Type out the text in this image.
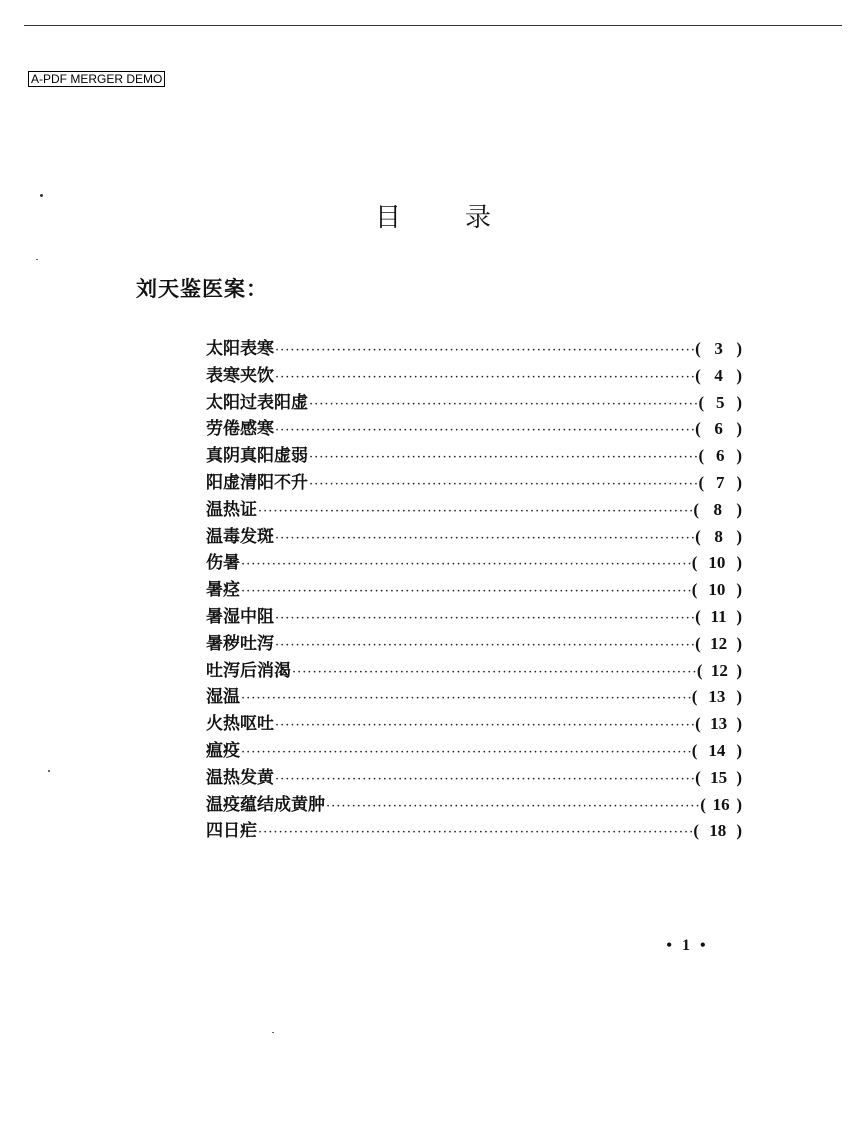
A-PDF MERGER DEMO
目 录
刘天鉴医案：
太阳表寒 ·····	( 3 )
表寒夹饮 ·····	( 4 )
太阳过表阳虚 ·····	( 5 )
劳倦感寒 ·····	( 6 )
真阴真阳虚弱 ·····	( 6 )
阳虚清阳不升 ·····	( 7 )
温热证 ·····	( 8 )
温毒发斑 ·····	( 8 )
伤暑 ·····	( 10 )
暑痉 ·····	( 10 )
暑湿中阻 ·····	( 11 )
暑秽吐泻 ·····	( 12 )
吐泻后消渴 ·····	( 12 )
湿温 ·····	( 13 )
火热呕吐 ·····	( 13 )
瘟疫 ·····	( 14 )
温热发黄 ·····	( 15 )
温疫蕴结成黄肿 ·····	( 16 )
四日疟 ·····	( 18 )
• 1 •
